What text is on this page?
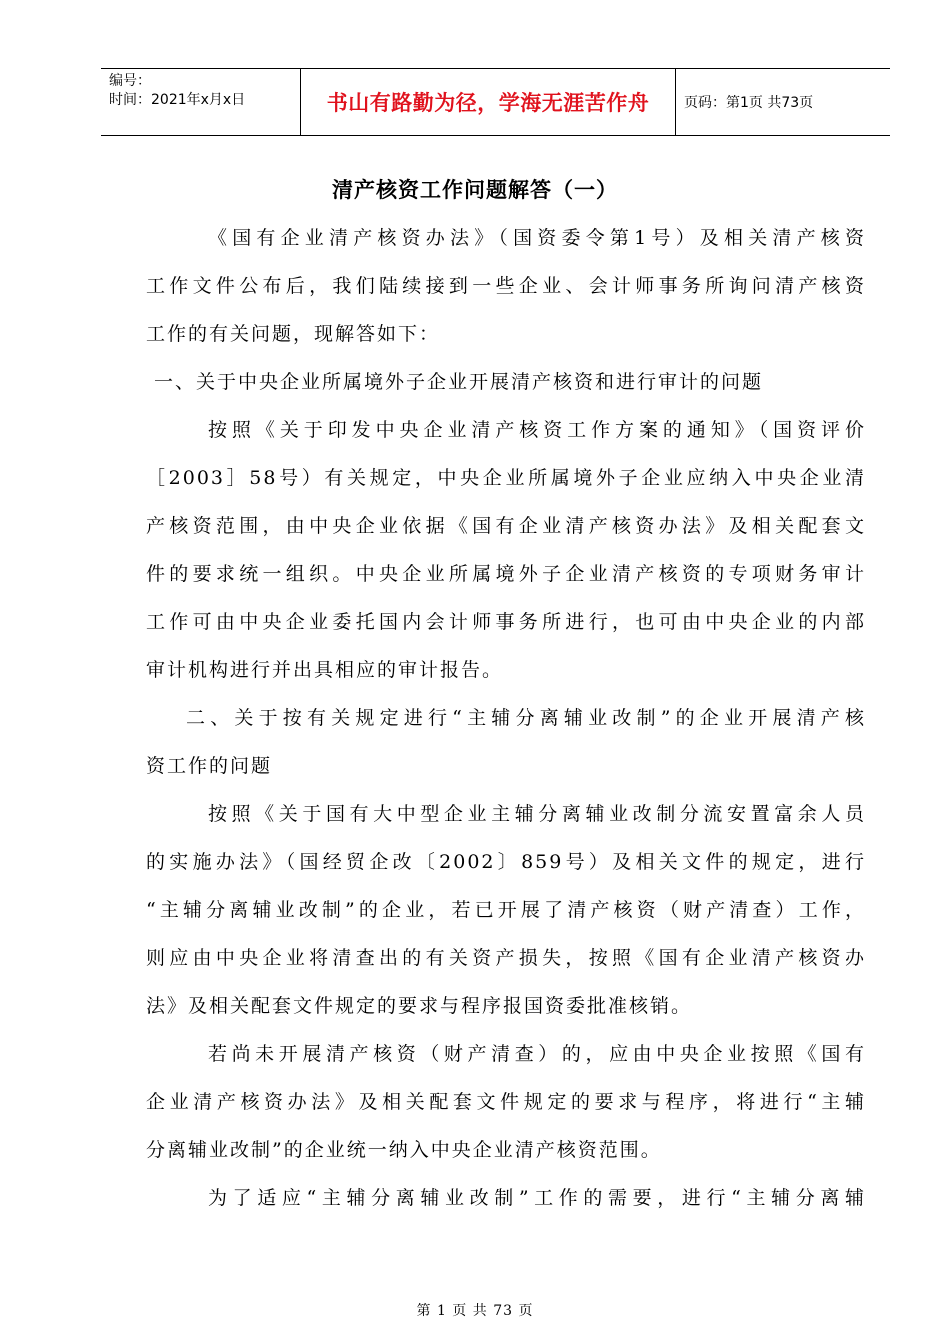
编号：
时间：2021年x月x日	书山有路勤为径，学海无涯苦作舟 页码：第1页 共73页
清产核资工作问题解答（一）
《国有企业清产核资办法》（国资委令第1号）及相关清产核资
工作文件公布后，我们陆续接到一些企业、会计师事务所询问清产核资
工作的有关问题，现解答如下：
一、关于中央企业所属境外子企业开展清产核资和进行审计的问题
按照《关于印发中央企业清产核资工作方案的通知》（国资评价
［2003］58号）有关规定，中央企业所属境外子企业应纳入中央企业清
产核资范围，由中央企业依据《国有企业清产核资办法》及相关配套文
件的要求统一组织。中央企业所属境外子企业清产核资的专项财务审计
工作可由中央企业委托国内会计师事务所进行，也可由中央企业的内部
审计机构进行并出具相应的审计报告。
二、关于按有关规定进行“主辅分离辅业改制”的企业开展清产核
资工作的问题
按照《关于国有大中型企业主辅分离辅业改制分流安置富余人员
的实施办法》（国经贸企改〔2002〕859号）及相关文件的规定，进行
“主辅分离辅业改制”的企业，若已开展了清产核资（财产清查）工作，
则应由中央企业将清查出的有关资产损失，按照《国有企业清产核资办
法》及相关配套文件规定的要求与程序报国资委批准核销。
若尚未开展清产核资（财产清查）的，应由中央企业按照《国有
企业清产核资办法》及相关配套文件规定的要求与程序，将进行“主辅
分离辅业改制”的企业统一纳入中央企业清产核资范围。
为了适应“主辅分离辅业改制”工作的需要，进行“主辅分离辅
第 1 页 共 73 页
